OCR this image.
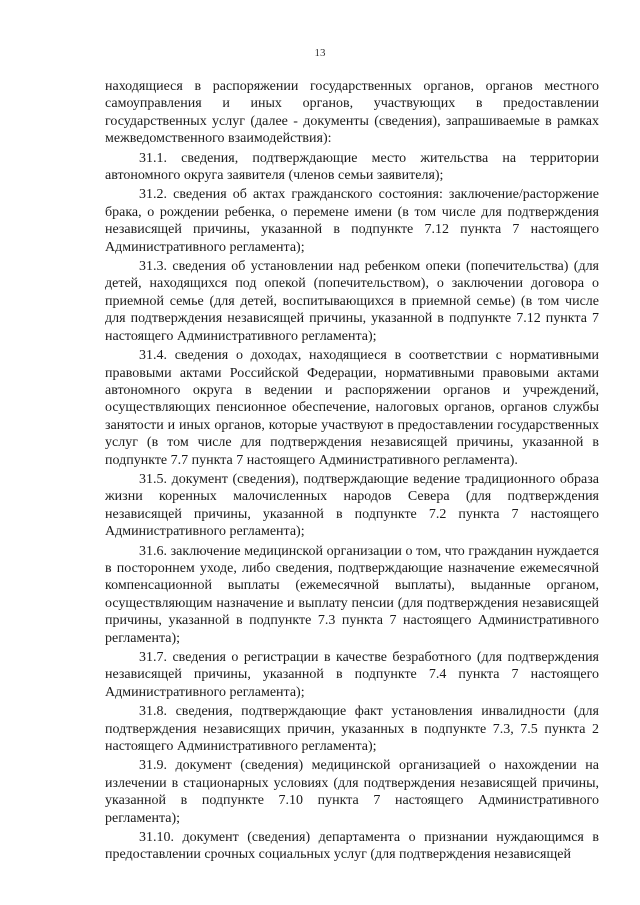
13

находящиеся в распоряжении государственных органов, органов местного самоуправления и иных органов, участвующих в предоставлении государственных услуг (далее - документы (сведения), запрашиваемые в рамках межведомственного взаимодействия):

31.1. сведения, подтверждающие место жительства на территории автономного округа заявителя (членов семьи заявителя);

31.2. сведения об актах гражданского состояния: заключение/расторжение брака, о рождении ребенка, о перемене имени (в том числе для подтверждения независящей причины, указанной в подпункте 7.12 пункта 7 настоящего Административного регламента);

31.3. сведения об установлении над ребенком опеки (попечительства) (для детей, находящихся под опекой (попечительством), о заключении договора о приемной семье (для детей, воспитывающихся в приемной семье) (в том числе для подтверждения независящей причины, указанной в подпункте 7.12 пункта 7 настоящего Административного регламента);

31.4. сведения о доходах, находящиеся в соответствии с нормативными правовыми актами Российской Федерации, нормативными правовыми актами автономного округа в ведении и распоряжении органов и учреждений, осуществляющих пенсионное обеспечение, налоговых органов, органов службы занятости и иных органов, которые участвуют в предоставлении государственных услуг (в том числе для подтверждения независящей причины, указанной в подпункте 7.7 пункта 7 настоящего Административного регламента).

31.5. документ (сведения), подтверждающие ведение традиционного образа жизни коренных малочисленных народов Севера (для подтверждения независящей причины, указанной в подпункте 7.2 пункта 7 настоящего Административного регламента);

31.6. заключение медицинской организации о том, что гражданин нуждается в постороннем уходе, либо сведения, подтверждающие назначение ежемесячной компенсационной выплаты (ежемесячной выплаты), выданные органом, осуществляющим назначение и выплату пенсии (для подтверждения независящей причины, указанной в подпункте 7.3 пункта 7 настоящего Административного регламента);

31.7. сведения о регистрации в качестве безработного (для подтверждения независящей причины, указанной в подпункте 7.4 пункта 7 настоящего Административного регламента);

31.8. сведения, подтверждающие факт установления инвалидности (для подтверждения независящих причин, указанных в подпункте 7.3, 7.5 пункта 2 настоящего Административного регламента);

31.9. документ (сведения) медицинской организацией о нахождении на излечении в стационарных условиях (для подтверждения независящей причины, указанной в подпункте 7.10 пункта 7 настоящего Административного регламента);

31.10. документ (сведения) департамента о признании нуждающимся в предоставлении срочных социальных услуг (для подтверждения независящей
